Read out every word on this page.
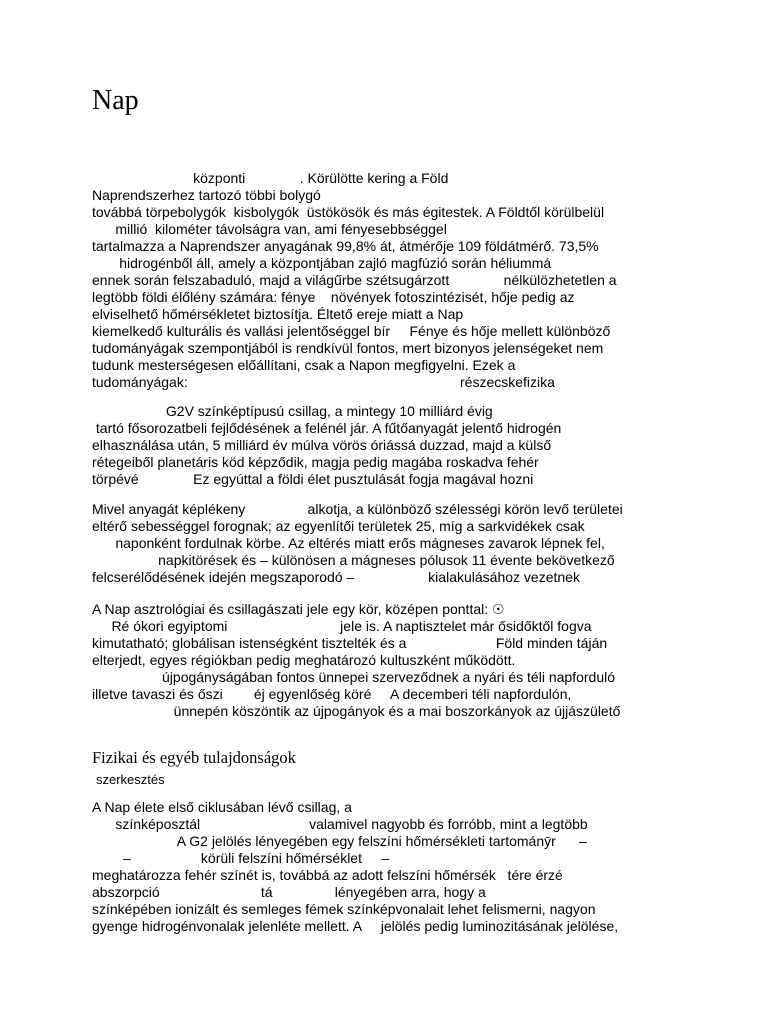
Nap
központi              . Körülötte kering a Föld
Naprendszerhez tartozó többi bolygó
továbbá törpebolygók  kisbolygók  üstökösök és más égitestek. A Földtől körülbelül
millió  kilométer távolságra van, ami fényesebbséggel
tartalmazza a Naprendszer anyagának 99,8% át, átmérője 109 földátmérő. 73,5%
hidrogénből áll, amely a központjában zajló magfúzió során héliummá
ennek során felszabaduló, majd a világűrbe szétsugárzott              nélkülözhetetlen a
legtöbb földi élőlény számára: fénye    növények fotoszintézisét, hője pedig az
elviselhető hőmérsékletet biztosítja. Éltető ereje miatt a Nap
kiemelkedő kulturális és vallási jelentőséggel bír     Fénye és hője mellett különböző
tudományágak szempontjából is rendkívül fontos, mert bizonyos jelenségeket nem
tudunk mesterségesen előállítani, csak a Napon megfigyelni. Ezek a
tudományágak:                                                                      részecskefizika
G2V színképtípusú csillag, a mintegy 10 milliárd évig
tartó fősorozatbeli fejlődésének a felénél jár. A fűtőanyagát jelentő hidrogén
elhasználása után, 5 milliárd év múlva vörös óriássá duzzad, majd a külső
rétegeiből planetáris köd képződik, magja pedig magába roskadva fehér
törpévé              Ez egyúttal a földi élet pusztulását fogja magával hozni
Mivel anyagát képlékeny                alkotja, a különböző szélességi körön levő területei
eltérő sebességgel forognak; az egyenlítői területek 25, míg a sarkvidékek csak
naponként fordulnak körbe. Az eltérés miatt erős mágneses zavarok lépnek fel,
napkitörések és – különösen a mágneses pólusok 11 évente bekövetkező
felcserélődésének idején megszaporodó –                   kialakulásához vezetnek
A Nap asztrológiai és csillagászati jele egy kör, középen ponttal: ☉
Ré ókori egyiptomi                             jele is. A naptisztelet már ősidőktől fogva
kimutatható; globálisan istenségként tisztelték és a                       Föld minden táján
elterjedt, egyes régiókban pedig meghatározó kultuszként működött.
újpogányságában fontos ünnepei szerveződnek a nyári és téli napforduló
illetve tavaszi és őszi        éj egyenlőség köré     A decemberi téli napfordulón,
ünnepén köszöntik az újpogányok és a mai boszorkányok az újjászülető
Fizikai és egyéb tulajdonságok
szerkesztés
A Nap élete első ciklusában lévő csillag, a
színképosztál                            valamivel nagyobb és forróbb, mint a legtöbb
A G2 jelölés lényegében egy felszíni hőmérsékleti tartománȳr      –
–                  körüli felszíni hőmérséklet     –
meghatározza fehér színét is, továbbá az adott felszíni hőmérsék   tére érzé
abszorpció                          tá                lényegében arra, hogy a
színképében ionizált és semleges fémek színképvonalait lehet felismerni, nagyon
gyenge hidrogénvonalak jelenléte mellett. A     jelölés pedig luminozitásának jelölése,
